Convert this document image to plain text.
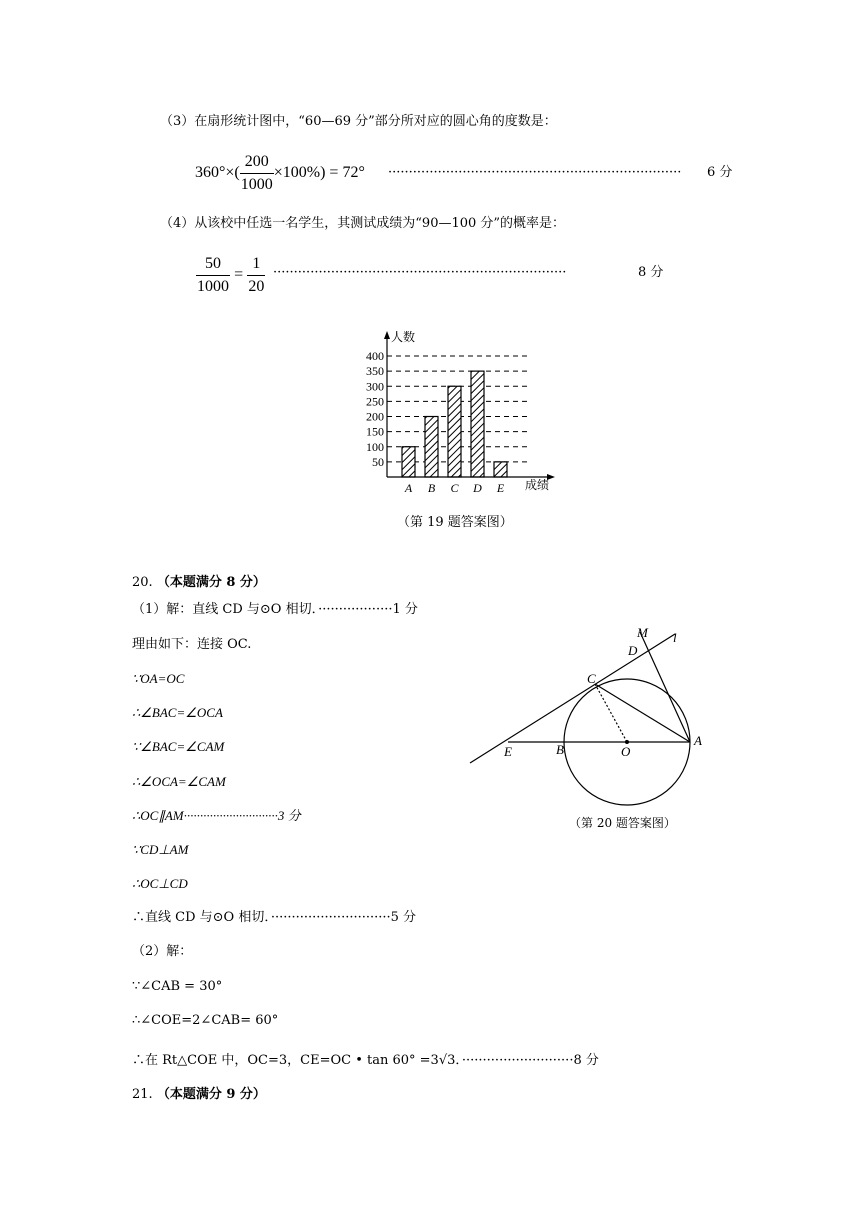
（3）在扇形统计图中，“60—69 分”部分所对应的圆心角的度数是：
$360^\circ\times( \frac{200}{1000} \times 100\%) = 72^\circ$ ·······································································	6 分
（4）从该校中任选一名学生，其测试成绩为“90—100 分”的概率是：
$\frac{50}{1000} = \frac{1}{20}$ ·······································································	8 分
50
100
150
200
250
300
350
400
A B C D E
人数
成绩
（第 19 题答案图）
20. （本题满分 8 分）
（1）解：直线 CD 与⊙O 相切．··················1 分
理由如下：连接 OC.
∵OA=OC
∴∠BAC=∠OCA
∵∠BAC=∠CAM
∴∠OCA=∠CAM
∴OC∥AM·····························3 分
∵CD⊥AM
∴OC⊥CD
∴直线 CD 与⊙O 相切．·····························5 分
（2）解：
∵∠CAB = 30°
∴∠COE=2∠CAB= 60°
∴在 Rt△COE 中，OC=3，CE=OC • tan 60° =3√3．···························8 分
M l
D
C
E	B	O
A
（第 20 题答案图）
21. （本题满分 9 分）
